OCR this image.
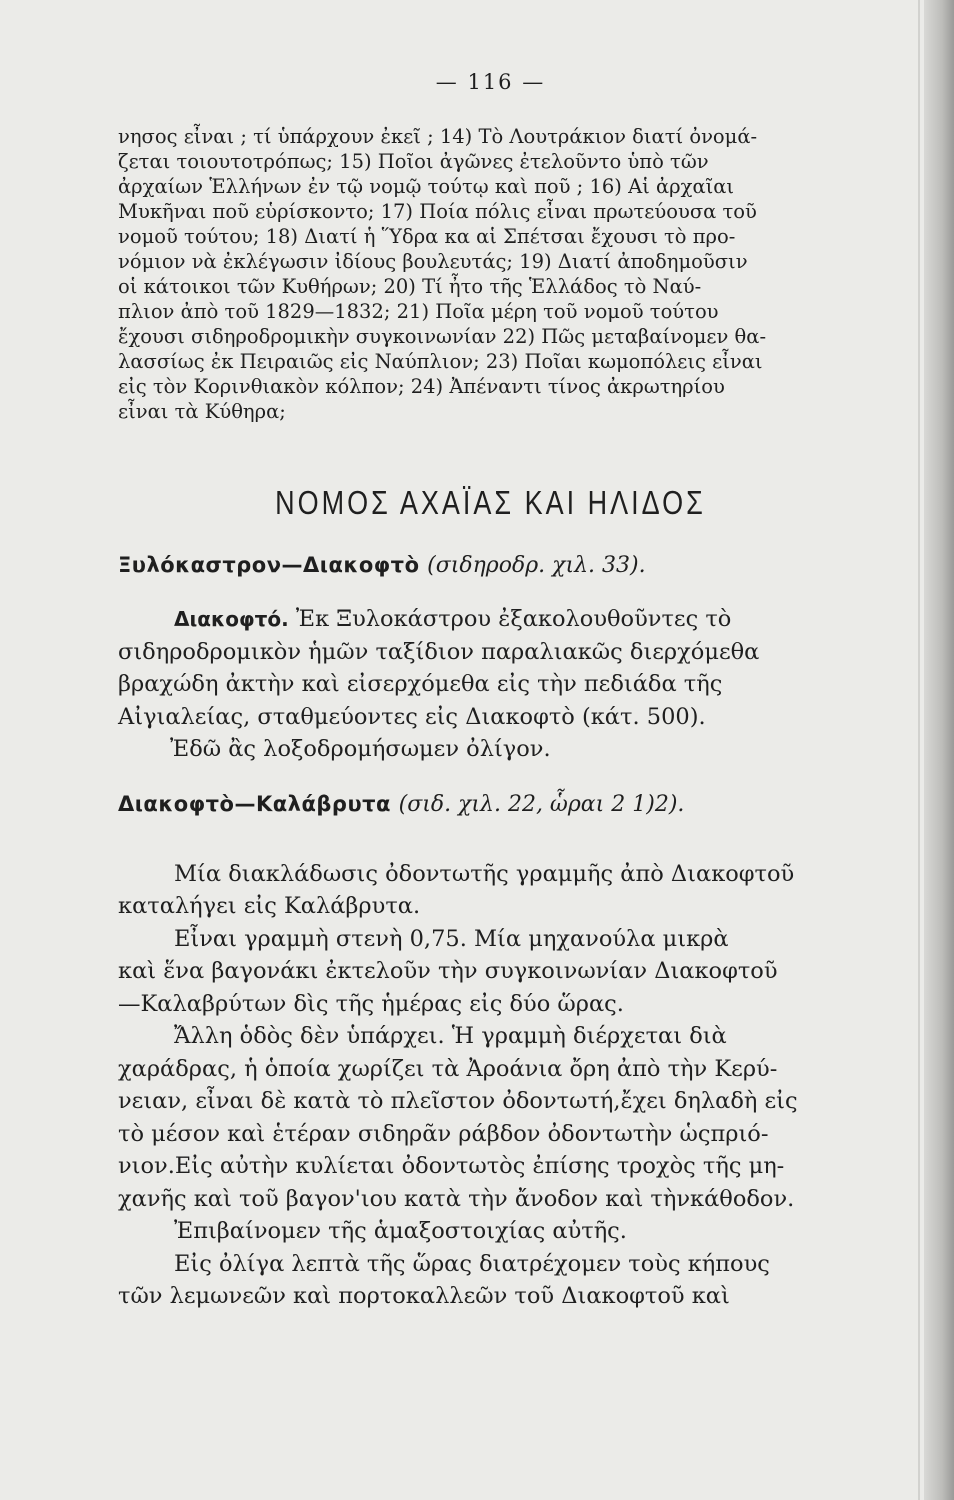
— 116 —

νησος εἶναι ; τί ὑπάρχουν ἐκεῖ ; 14) Τὸ Λουτράκιον διατί ὀνομά-
ζεται τοιουτοτρόπως; 15) Ποῖοι ἀγῶνες ἐτελοῦντο ὑπὸ τῶν
ἀρχαίων Ἑλλήνων ἐν τῷ νομῷ τούτῳ καὶ ποῦ ; 16) Αἱ ἀρχαῖαι
Μυκῆναι ποῦ εὑρίσκοντο; 17) Ποία πόλις εἶναι πρωτεύουσα τοῦ
νομοῦ τούτου; 18) Διατί ἡ Ὕδρα κα αἱ Σπέτσαι ἔχουσι τὸ προ-
νόμιον νὰ ἐκλέγωσιν ἰδίους βουλευτάς; 19) Διατί ἀποδημοῦσιν
οἱ κάτοικοι τῶν Κυθήρων; 20) Τί ἦτο τῆς Ἑλλάδος τὸ Ναύ-
πλιον ἀπὸ τοῦ 1829—1832; 21) Ποῖα μέρη τοῦ νομοῦ τούτου
ἔχουσι σιδηροδρομικὴν συγκοινωνίαν 22) Πῶς μεταβαίνομεν θα-
λασσίως ἐκ Πειραιῶς εἰς Ναύπλιον; 23) Ποῖαι κωμοπόλεις εἶναι
εἰς τὸν Κορινθιακὸν κόλπον; 24) Ἀπέναντι τίνος ἀκρωτηρίου
εἶναι τὰ Κύθηρα;

ΝΟΜΟΣ ΑΧΑΪΑΣ ΚΑΙ ΗΛΙΔΟΣ
Ξυλόκαστρον—Διακοφτὸ (σιδηροδρ. χιλ. 33).

Διακοφτό. Ἐκ Ξυλοκάστρου ἐξακολουθοῦντες τὸ
σιδηροδρομικὸν ἡμῶν ταξίδιον παραλιακῶς διερχόμεθα
βραχώδη ἀκτὴν καὶ εἰσερχόμεθα εἰς τὴν πεδιάδα τῆς
Αἰγιαλείας, σταθμεύοντες εἰς Διακοφτὸ (κάτ. 500).
Ἐδῶ ἂς λοξοδρομήσωμεν ὀλίγον.

Διακοφτὸ—Καλάβρυτα (σιδ. χιλ. 22, ὧραι 2 1)2).

Μία διακλάδωσις ὀδοντωτῆς γραμμῆς ἀπὸ Διακοφτοῦ
καταλήγει εἰς Καλάβρυτα.
Εἶναι γραμμὴ στενὴ 0,75. Μία μηχανούλα μικρὰ
καὶ ἕνα βαγονάκι ἐκτελοῦν τὴν συγκοινωνίαν Διακοφτοῦ
—Καλαβρύτων δὶς τῆς ἡμέρας εἰς δύο ὥρας.
Ἄλλη ὁδὸς δὲν ὑπάρχει. Ἡ γραμμὴ διέρχεται διὰ
χαράδρας, ἡ ὁποία χωρίζει τὰ Ἀροάνια ὄρη ἀπὸ τὴν Κερύ-
νειαν, εἶναι δὲ κατὰ τὸ πλεῖστον ὀδοντωτή,ἔχει δηλαδὴ εἰς
τὸ μέσον καὶ ἑτέραν σιδηρᾶν ράβδον ὀδοντωτὴν ὡςπριό-
νιον.Εἰς αὐτὴν κυλίεται ὀδοντωτὸς ἐπίσης τροχὸς τῆς μη-
χανῆς καὶ τοῦ βαγον'ιου κατὰ τὴν ἄνοδον καὶ τὴνκάθοδον.
Ἐπιβαίνομεν τῆς ἁμαξοστοιχίας αὐτῆς.
Εἰς ὀλίγα λεπτὰ τῆς ὥρας διατρέχομεν τοὺς κήπους
τῶν λεμωνεῶν καὶ πορτοκαλλεῶν τοῦ Διακοφτοῦ καὶ
